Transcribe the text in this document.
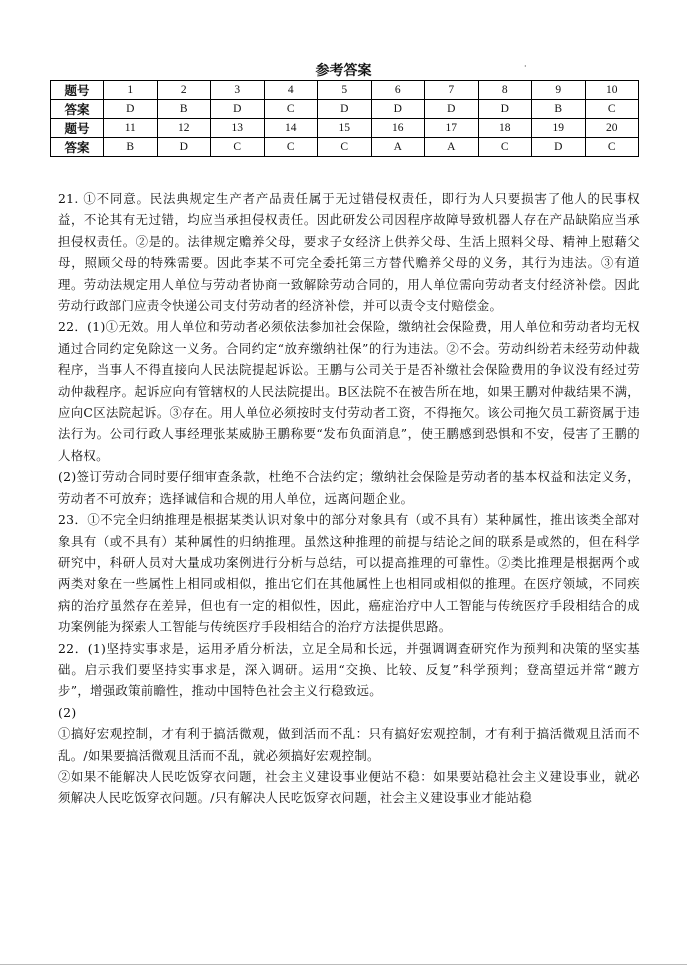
参考答案	·
题号	1	2	3	4	5	6	7	8	9	10
答案	D	B	D	C	D	D	D	D	B	C
题号	11	12	13	14	15	16	17	18	19	20
答案	B	D	C	C	C	A	A	C	D	C

21. ①不同意。民法典规定生产者产品责任属于无过错侵权责任，即行为人只要损害了他人的民事权益，不论其有无过错，均应当承担侵权责任。因此研发公司因程序故障导致机器人存在产品缺陷应当承担侵权责任。②是的。法律规定赡养父母，要求子女经济上供养父母、生活上照料父母、精神上慰藉父母，照顾父母的特殊需要。因此李某不可完全委托第三方替代赡养父母的义务，其行为违法。③有道理。劳动法规定用人单位与劳动者协商一致解除劳动合同的，用人单位需向劳动者支付经济补偿。因此劳动行政部门应责令快递公司支付劳动者的经济补偿，并可以责令支付赔偿金。

22．(1)①无效。用人单位和劳动者必须依法参加社会保险，缴纳社会保险费，用人单位和劳动者均无权通过合同约定免除这一义务。合同约定“放弃缴纳社保”的行为违法。②不会。劳动纠纷若未经劳动仲裁程序，当事人不得直接向人民法院提起诉讼。王鹏与公司关于是否补缴社会保险费用的争议没有经过劳动仲裁程序。起诉应向有管辖权的人民法院提出。B区法院不在被告所在地，如果王鹏对仲裁结果不满，应向C区法院起诉。③存在。用人单位必须按时支付劳动者工资，不得拖欠。该公司拖欠员工薪资属于违法行为。公司行政人事经理张某威胁王鹏称要“发布负面消息”，使王鹏感到恐惧和不安，侵害了王鹏的人格权。

(2)签订劳动合同时要仔细审查条款，杜绝不合法约定；缴纳社会保险是劳动者的基本权益和法定义务，劳动者不可放弃；选择诚信和合规的用人单位，远离问题企业。

23．①不完全归纳推理是根据某类认识对象中的部分对象具有（或不具有）某种属性，推出该类全部对象具有（或不具有）某种属性的归纳推理。虽然这种推理的前提与结论之间的联系是或然的，但在科学研究中，科研人员对大量成功案例进行分析与总结，可以提高推理的可靠性。②类比推理是根据两个或两类对象在一些属性上相同或相似，推出它们在其他属性上也相同或相似的推理。在医疗领域，不同疾病的治疗虽然存在差异，但也有一定的相似性，因此，癌症治疗中人工智能与传统医疗手段相结合的成功案例能为探索人工智能与传统医疗手段相结合的治疗方法提供思路。

22．(1)坚持实事求是，运用矛盾分析法，立足全局和长远，并强调调查研究作为预判和决策的坚实基础。启示我们要坚持实事求是，深入调研。运用“交换、比较、反复”科学预判；登高望远并常“踱方步”，增强政策前瞻性，推动中国特色社会主义行稳致远。

(2)

①搞好宏观控制，才有利于搞活微观，做到活而不乱：只有搞好宏观控制，才有利于搞活微观且活而不乱。/如果要搞活微观且活而不乱，就必须搞好宏观控制。

②如果不能解决人民吃饭穿衣问题，社会主义建设事业便站不稳：如果要站稳社会主义建设事业，就必须解决人民吃饭穿衣问题。/只有解决人民吃饭穿衣问题，社会主义建设事业才能站稳
